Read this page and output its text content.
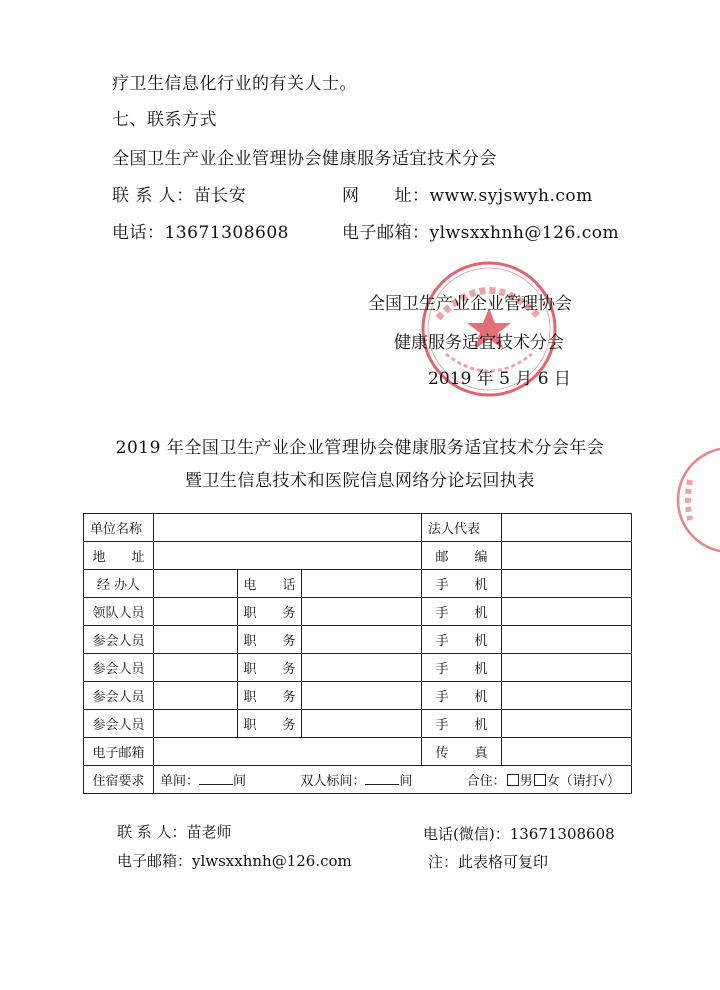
疗卫生信息化行业的有关人士。
七、联系方式
全国卫生产业企业管理协会健康服务适宜技术分会
联 系 人：苗长安	网　　址：www.syjswyh.com
电话：13671308608	电子邮箱：ylwsxxhnh@126.com
全国卫生产业企业管理协会
健康服务适宜技术分会
2019 年 5 月 6 日
2019 年全国卫生产业企业管理协会健康服务适宜技术分会年会
暨卫生信息技术和医院信息网络分论坛回执表
单位名称				法人代表	
地　　址				邮　　编	
经 办人		电　　话		手　　机	
领队人员		职　　务		手　　机	
参会人员		职　　务		手　　机	
参会人员		职　　务		手　　机	
参会人员		职　　务		手　　机	
参会人员		职　　务		手　　机	
电子邮箱				传　　真	
住宿要求	单间： 间 双人标间： 间 合住： 男 女（请打√）				
联 系 人：苗老师	电话(微信)：13671308608
电子邮箱：ylwsxxhnh@126.com	注：此表格可复印
